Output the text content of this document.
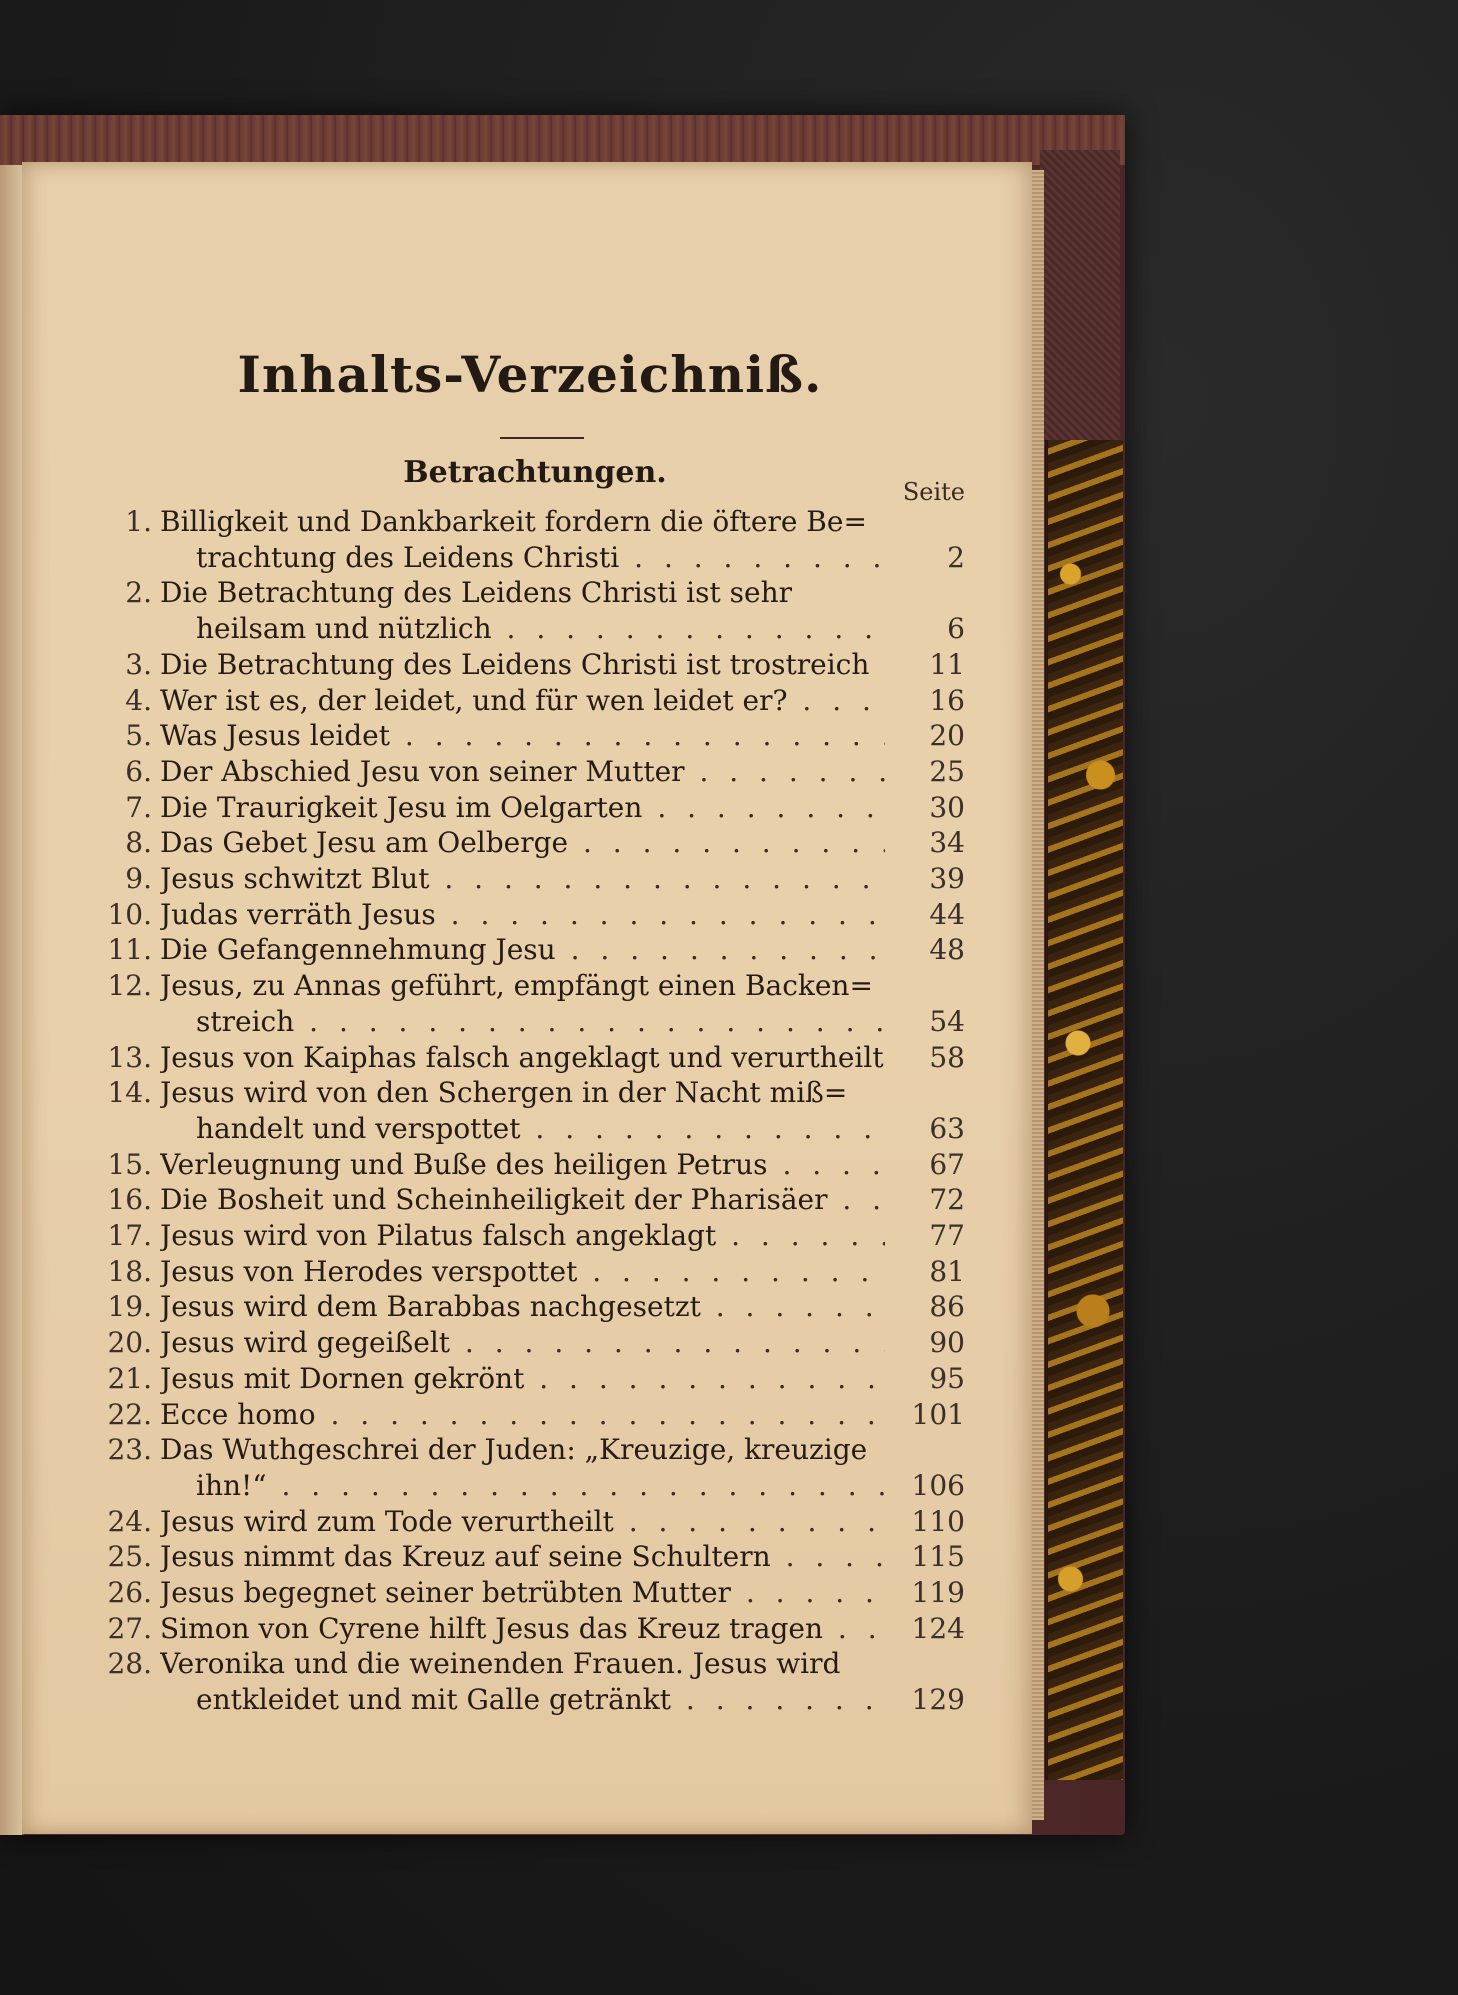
Inhalts-Verzeichniß.
Betrachtungen.
Seite
1. Billigkeit und Dankbarkeit fordern die öftere Be=
trachtung des Leidens Christi . . .	2
2. Die Betrachtung des Leidens Christi ist sehr
heilsam und nützlich . . .	6
3. Die Betrachtung des Leidens Christi ist trostreich . . .	11
4. Wer ist es, der leidet, und für wen leidet er? . . .	16
5. Was Jesus leidet . . .	20
6. Der Abschied Jesu von seiner Mutter . . .	25
7. Die Traurigkeit Jesu im Oelgarten . . .	30
8. Das Gebet Jesu am Oelberge . . .	34
9. Jesus schwitzt Blut . . .	39
10. Judas verräth Jesus . . .	44
11. Die Gefangennehmung Jesu . . .	48
12. Jesus, zu Annas geführt, empfängt einen Backen=
streich . . .	54
13. Jesus von Kaiphas falsch angeklagt und verurtheilt . . .	58
14. Jesus wird von den Schergen in der Nacht miß=
handelt und verspottet . . .	63
15. Verleugnung und Buße des heiligen Petrus . . .	67
16. Die Bosheit und Scheinheiligkeit der Pharisäer . . .	72
17. Jesus wird von Pilatus falsch angeklagt . . .	77
18. Jesus von Herodes verspottet . . .	81
19. Jesus wird dem Barabbas nachgesetzt . . .	86
20. Jesus wird gegeißelt . . .	90
21. Jesus mit Dornen gekrönt . . .	95
22. Ecce homo . . .	101
23. Das Wuthgeschrei der Juden: „Kreuzige, kreuzige
ihn!“ . . .	106
24. Jesus wird zum Tode verurtheilt . . .	110
25. Jesus nimmt das Kreuz auf seine Schultern . . .	115
26. Jesus begegnet seiner betrübten Mutter . . .	119
27. Simon von Cyrene hilft Jesus das Kreuz tragen . . .	124
28. Veronika und die weinenden Frauen. Jesus wird
entkleidet und mit Galle getränkt . . .	129
